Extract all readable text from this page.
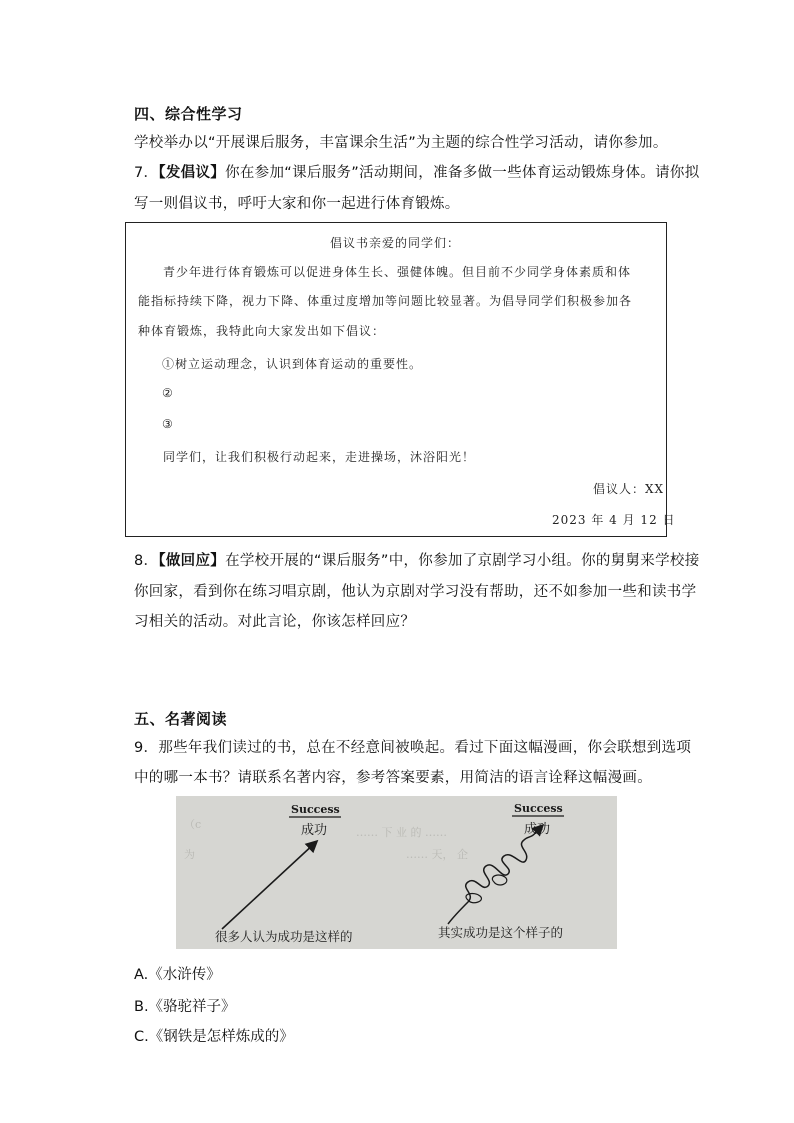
四、综合性学习
学校举办以“开展课后服务，丰富课余生活”为主题的综合性学习活动，请你参加。
7．【发倡议】你在参加“课后服务”活动期间，准备多做一些体育运动锻炼身体。请你拟
写一则倡议书，呼吁大家和你一起进行体育锻炼。
倡议书亲爱的同学们：
青少年进行体育锻炼可以促进身体生长、强健体魄。但目前不少同学身体素质和体
能指标持续下降，视力下降、体重过度增加等问题比较显著。为倡导同学们积极参加各
种体育锻炼，我特此向大家发出如下倡议：
①树立运动理念，认识到体育运动的重要性。
②
③
同学们，让我们积极行动起来，走进操场，沐浴阳光！
倡议人：XX
2023 年 4 月 12 日
8．【做回应】在学校开展的“课后服务”中，你参加了京剧学习小组。你的舅舅来学校接
你回家，看到你在练习唱京剧，他认为京剧对学习没有帮助，还不如参加一些和读书学
习相关的活动。对此言论，你该怎样回应？
五、名著阅读
9．那些年我们读过的书，总在不经意间被唤起。看过下面这幅漫画，你会联想到选项
中的哪一本书？请联系名著内容，参考答案要素，用简洁的语言诠释这幅漫画。
（c
为
…… 下 业 的 ……
…… 天， 企
Success
成功
很多人认为成功是这样的
Success
成功
其实成功是这个样子的
A.《水浒传》
B.《骆驼祥子》
C.《钢铁是怎样炼成的》
